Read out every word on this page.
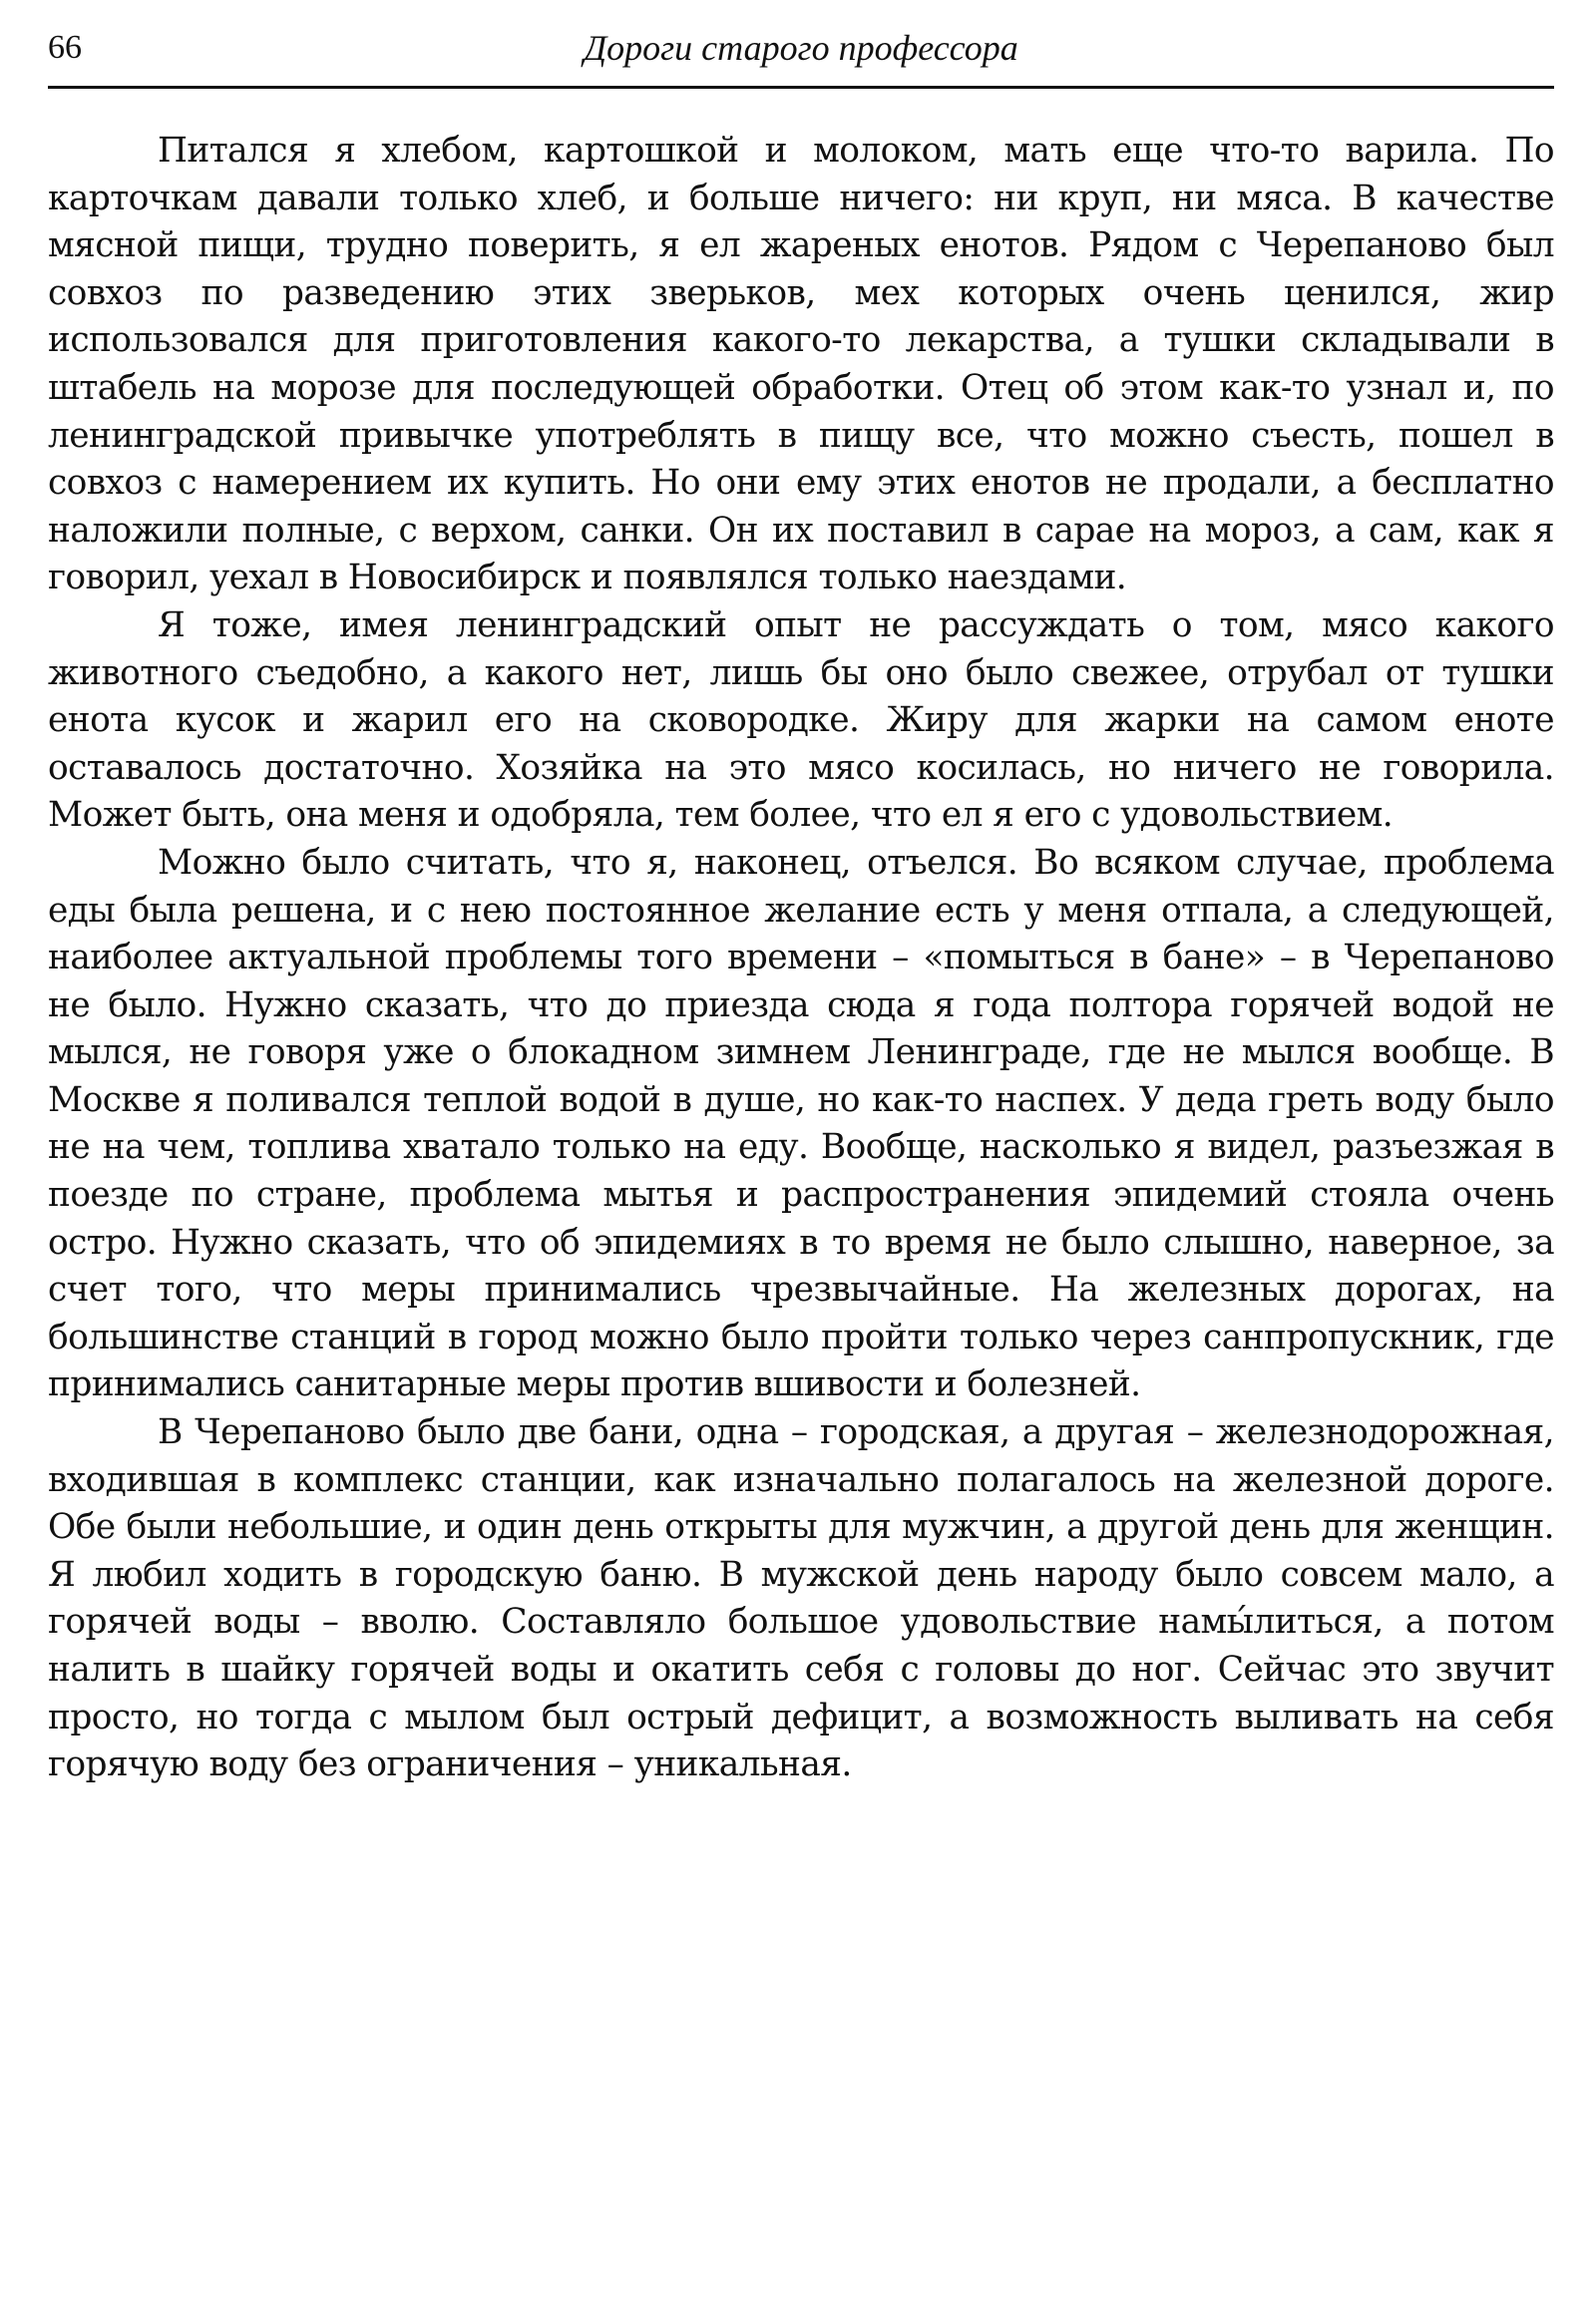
66	Дороги старого профессора

Питался я хлебом, картошкой и молоком, мать еще что-то варила. По карточкам давали только хлеб, и больше ничего: ни круп, ни мяса. В качестве мясной пищи, трудно поверить, я ел жареных енотов. Рядом с Черепаново был совхоз по разведению этих зверьков, мех которых очень ценился, жир использовался для приготовления какого-то лекарства, а тушки складывали в штабель на морозе для последующей обработки. Отец об этом как-то узнал и, по ленинградской привычке употреблять в пищу все, что можно съесть, пошел в совхоз с намерением их купить. Но они ему этих енотов не продали, а бесплатно наложили полные, с верхом, санки. Он их поставил в сарае на мороз, а сам, как я говорил, уехал в Новосибирск и появлялся только наездами.

Я тоже, имея ленинградский опыт не рассуждать о том, мясо какого животного съедобно, а какого нет, лишь бы оно было свежее, отрубал от тушки енота кусок и жарил его на сковородке. Жиру для жарки на самом еноте оставалось достаточно. Хозяйка на это мясо косилась, но ничего не говорила. Может быть, она меня и одобряла, тем более, что ел я его с удовольствием.

Можно было считать, что я, наконец, отъелся. Во всяком случае, проблема еды была решена, и с нею постоянное желание есть у меня отпала, а следующей, наиболее актуальной проблемы того времени – «помыться в бане» – в Черепаново не было. Нужно сказать, что до приезда сюда я года полтора горячей водой не мылся, не говоря уже о блокадном зимнем Ленинграде, где не мылся вообще. В Москве я поливался теплой водой в душе, но как-то наспех. У деда греть воду было не на чем, топлива хватало только на еду. Вообще, насколько я видел, разъезжая в поезде по стране, проблема мытья и распространения эпидемий стояла очень остро. Нужно сказать, что об эпидемиях в то время не было слышно, наверное, за счет того, что меры принимались чрезвычайные. На железных дорогах, на большинстве станций в город можно было пройти только через санпропускник, где принимались санитарные меры против вшивости и болезней.

В Черепаново было две бани, одна – городская, а другая – железнодорожная, входившая в комплекс станции, как изначально полагалось на железной дороге. Обе были небольшие, и один день открыты для мужчин, а другой день для женщин. Я любил ходить в городскую баню. В мужской день народу было совсем мало, а горячей воды – вволю. Составляло большое удовольствие намы́литься, а потом налить в шайку горячей воды и окатить себя с головы до ног. Сейчас это звучит просто, но тогда с мылом был острый дефицит, а возможность выливать на себя горячую воду без ограничения – уникальная.
